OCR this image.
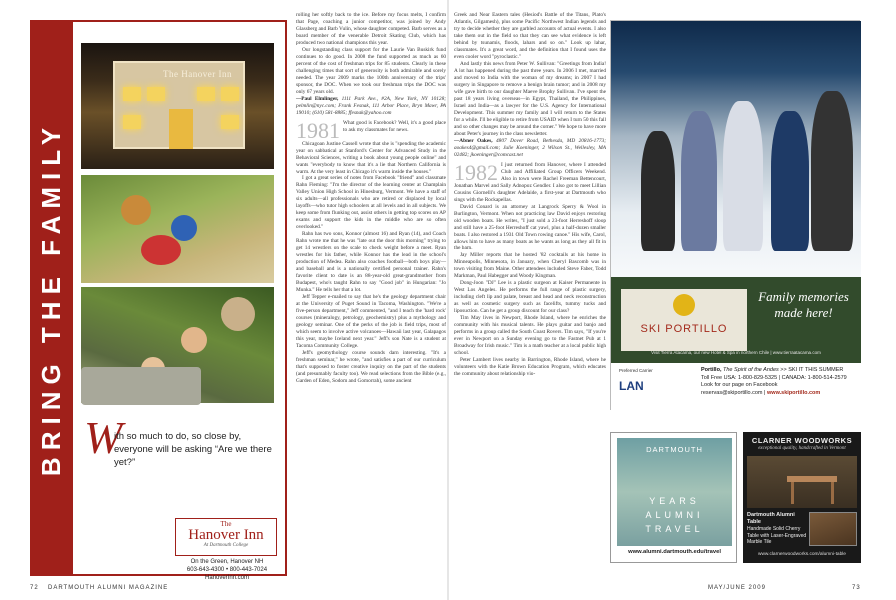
BRING THE FAMILY
The Hanover Inn
Photos by Matthew Rokoff
W
ith so much to do, so close by, everyone will be asking “Are we there yet?”
The
Hanover Inn
At Dartmouth College
On the Green, Hanover NH
603-643-4300 • 800-443-7024
HanoverInn.com
72 DARTMOUTH ALUMNI MAGAZINE	MAY/JUNE 2009	73

rolling her softly back to the ice. Before my focus melts, I confirm that Page, coaching a junior competitor, was joined by Andy Glassberg and Barb Vulin, whose daughter competed. Barb serves as a board member of the venerable Detroit Skating Club, which has produced two national champions this year.

Our longstanding class support for the Laurie Van Buskirk fund continues to do good. In 2008 the fund supported as much as 60 percent of the cost of freshman trips for 85 students. Clearly in these challenging times that sort of generosity is both admirable and sorely needed. The year 2009 marks the 100th anniversary of the trips' sponsor, the DOC. When we took our freshman trips the DOC was only 67 years old.

—Paul Elmlinger, 1111 Park Ave., #2A, New York, NY 10128; pelmlin@nyc.com; Frank Fesnak, 111 Arbor Place, Bryn Mawr, PA 19010; (610) 581-8885; ffesnak@yahoo.com

1981 What good is Facebook? Well, it's a good place to ask my classmates for news.

Chicagoan Justine Cassell wrote that she is "spending the academic year on sabbatical at Stanford's Center for Advanced Study in the Behavioral Sciences, writing a book about young people online" and wants "everybody to know that it's a lie that Northern California is warm. At the very least in Chicago it's warm inside the houses."

I got a great series of notes from Facebook "friend" and classmate Rahn Fleming: "I'm the director of the learning center at Champlain Valley Union High School in Hinesburg, Vermont. We have a staff of six adults—all professionals who are retired or displaced by local layoffs—who tutor high schoolers at all levels and in all subjects. We keep some from flunking out, assist others in getting top scores on AP exams and support the kids in the middle who are so often overlooked."

Rahn has two sons, Konnor (almost 16) and Ryan (14), and Coach Rahn wrote me that he was "late out the door this morning" trying to get 14 wrestlers on the scale to check weight before a meet. Ryan wrestles for his father, while Konnor has the lead in the school's production of Medea. Rahn also coaches football—both boys play—and baseball and is a nationally certified personal trainer. Rahn's favorite client to date is an 88-year-old great-grandmother from Budapest, who's taught Rahn to say "Good job" in Hungarian: "Jo Munka." He tells her that a lot.

Jeff Tepper e-mailed to say that he's the geology department chair at the University of Puget Sound in Tacoma, Washington. "We're a five-person department," Jeff commented, "and I teach the 'hard rock' courses (mineralogy, petrology, geochemistry) plus a mythology and geology seminar. One of the perks of the job is field trips, most of which seem to involve active volcanoes—Hawaii last year, Galapagos this year, maybe Iceland next year." Jeff's son Nate is a student at Tacoma Community College.

Jeff's geomythology course sounds darn interesting. "It's a freshman seminar," he wrote, "and satisfies a part of our curriculum that's supposed to foster creative inquiry on the part of the students (and presumably faculty too). We read selections from the Bible (e.g., Garden of Eden, Sodom and Gomorrah), some ancient

Greek and Near Eastern tales (Hesiod's Battle of the Titans, Plato's Atlantis, Gilgamesh), plus some Pacific Northwest Indian legends and try to decide whether they are garbled accounts of actual events. I also take them out in the field so that they can see what evidence is left behind by tsunamis, floods, lahars and so on." Look up lahar, classmates. It's a great word, and the definition that I found uses the even cooler word "pyroclastic."

And lastly this news from Peter W. Sullivan: "Greetings from India! A lot has happened during the past three years. In 2006 I met, married and moved to India with the woman of my dreams; in 2007 I had surgery in Singapore to remove a benign brain tumor; and in 2008 my wife gave birth to our daughter Maeve Brophy Sullivan. I've spent the past 18 years living overseas—in Egypt, Thailand, the Philippines, Israel and India—as a lawyer for the U.S. Agency for International Development. This summer my family and I will return to the States for a while. I'll be eligible to retire from USAID when I turn 50 this fall and so other changes may be around the corner." We hope to have more about Peter's journey in the class newsletter.

—Abner Oakes, 4807 Dover Road, Bethesda, MD 20816-1773; aoakes4@gmail.com; Julie Koeninger, 2 Wilson St., Wellesley, MA 02482; jkoeninger@comcast.net

1982 I just returned from Hanover, where I attended Club and Affiliated Group Officers Weekend. Also in town were Rachel Freeman Bettencourt, Jonathan Marvel and Sally Adnopoz Gendler. I also got to meet Lillian Cousins Giornelli's daughter Adelaide, a first-year at Dartmouth who sings with the Rockapellas.

David Conard is an attorney at Langrock Sperry & Wool in Burlington, Vermont. When not practicing law David enjoys restoring old wooden boats. He writes, "I just sold a 23-foot Herreshoff sloop and still have a 25-foot Herreshoff cat yawl, plus a half-dozen smaller boats. I also restored a 1931 Old Town rowing canoe." His wife, Carol, allows him to have as many boats as he wants as long as they all fit in the barn.

Jay Miller reports that he hosted '82 cocktails at his home in Minneapolis, Minnesota, in January, when Cheryl Bascomb was in town visiting from Maine. Other attendees included Steve Faber, Todd Markman, Paul Habegger and Woody Kingman.

Dong-Joon "DJ" Lee is a plastic surgeon at Kaiser Permanente in West Los Angeles. He performs the full range of plastic surgery, including cleft lip and palate, breast and head and neck reconstruction as well as cosmetic surgery such as facelifts, tummy tucks and liposuction. Can he get a group discount for our class?

Tim May lives in Newport, Rhode Island, where he enriches the community with his musical talents. He plays guitar and banjo and performs in a group called the South Coast Rovers. Tim says, "If you're ever in Newport on a Sunday evening go to the Fastnet Pub at 1 Broadway for Irish music." Tim is a math teacher at a local public high school.

Peter Lambert lives nearby in Barrington, Rhode Island, where he volunteers with the Katie Brown Education Program, which educates the community about relationship vio-

SKI PORTILLO
Family memories made here!
Visit Tierra Atacama, our new Hotel & Spa in northern Chile | www.tierraatacama.com
Preferred Carrier
LAN
Portillo, The Spirit of the Andes >> SKI IT THIS SUMMER
Toll Free USA: 1-800-829-5325 | CANADA: 1-800-514-2579
Look for our page on Facebook
reservas@skiportillo.com | www.skiportillo.com
DARTMOUTH
YEARS
ALUMNI
TRAVEL
www.alumni.dartmouth.edu/travel
CLARNER WOODWORKS
exceptional quality, handcrafted in Vermont
Dartmouth Alumni Table
Handmade Solid Cherry Table with Laser-Engraved Marble Tile
www.clarnerwoodworks.com/alumni-table
